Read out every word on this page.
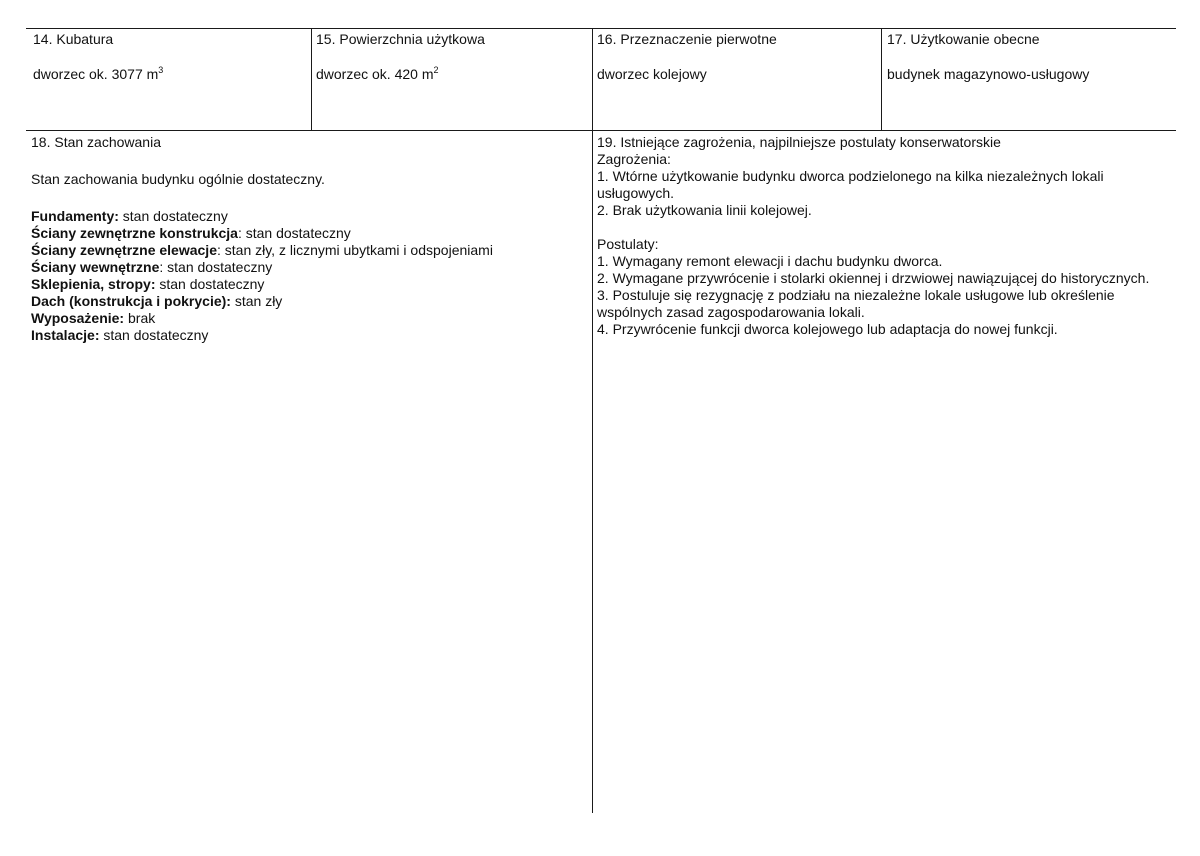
14. Kubatura
dworzec ok. 3077 $m^3$
15. Powierzchnia użytkowa
dworzec ok. 420 $m^2$
16. Przeznaczenie pierwotne
dworzec kolejowy
17. Użytkowanie obecne
budynek magazynowo-usługowy
18. Stan zachowania
Stan zachowania budynku ogólnie dostateczny.
Fundamenty: stan dostateczny
Ściany zewnętrzne konstrukcja: stan dostateczny
Ściany zewnętrzne elewacje: stan zły, z licznymi ubytkami i odspojeniami
Ściany wewnętrzne: stan dostateczny
Sklepienia, stropy: stan dostateczny
Dach (konstrukcja i pokrycie): stan zły
Wyposażenie: brak
Instalacje: stan dostateczny
19. Istniejące zagrożenia, najpilniejsze postulaty konserwatorskie
Zagrożenia:
1. Wtórne użytkowanie budynku dworca podzielonego na kilka niezależnych lokali usługowych.
2. Brak użytkowania linii kolejowej.
Postulaty:
1. Wymagany remont elewacji i dachu budynku dworca.
2. Wymagane przywrócenie i stolarki okiennej i drzwiowej nawiązującej do historycznych.
3. Postuluje się rezygnację z podziału na niezależne lokale usługowe lub określenie wspólnych zasad zagospodarowania lokali.
4. Przywrócenie funkcji dworca kolejowego lub adaptacja do nowej funkcji.
